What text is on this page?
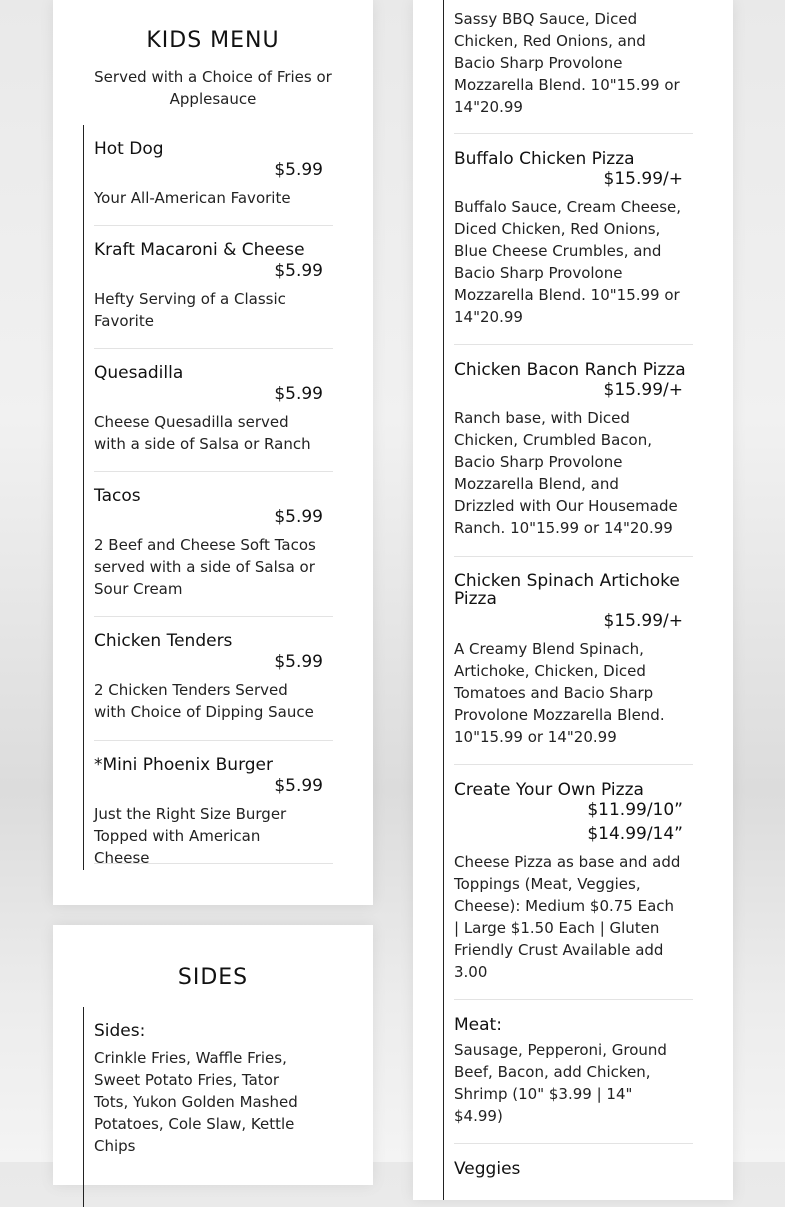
KIDS MENU

Served with a Choice of Fries or Applesauce

Hot Dog
$5.99
Your All-American Favorite
Kraft Macaroni & Cheese
$5.99
Hefty Serving of a Classic Favorite
Quesadilla
$5.99
Cheese Quesadilla served with a side of Salsa or Ranch
Tacos
$5.99
2 Beef and Cheese Soft Tacos served with a side of Salsa or Sour Cream
Chicken Tenders
$5.99
2 Chicken Tenders Served with Choice of Dipping Sauce
*Mini Phoenix Burger
$5.99
Just the Right Size Burger Topped with American Cheese
SIDES
Sides:
Crinkle Fries, Waffle Fries, Sweet Potato Fries, Tator Tots, Yukon Golden Mashed Potatoes, Cole Slaw, Kettle Chips
Sassy BBQ Sauce, Diced Chicken, Red Onions, and Bacio Sharp Provolone Mozzarella Blend. 10"15.99 or 14"20.99
Buffalo Chicken Pizza
$15.99/+
Buffalo Sauce, Cream Cheese, Diced Chicken, Red Onions, Blue Cheese Crumbles, and Bacio Sharp Provolone Mozzarella Blend. 10"15.99 or 14"20.99
Chicken Bacon Ranch Pizza
$15.99/+
Ranch base, with Diced Chicken, Crumbled Bacon, Bacio Sharp Provolone Mozzarella Blend, and Drizzled with Our Housemade Ranch. 10"15.99 or 14"20.99
Chicken Spinach Artichoke Pizza
$15.99/+
A Creamy Blend Spinach, Artichoke, Chicken, Diced Tomatoes and Bacio Sharp Provolone Mozzarella Blend. 10"15.99 or 14"20.99
Create Your Own Pizza
$11.99/10”
$14.99/14”
Cheese Pizza as base and add Toppings (Meat, Veggies, Cheese): Medium $0.75 Each | Large $1.50 Each | Gluten Friendly Crust Available add 3.00
Meat:
Sausage, Pepperoni, Ground Beef, Bacon, add Chicken, Shrimp (10" $3.99 | 14" $4.99)
Veggies
